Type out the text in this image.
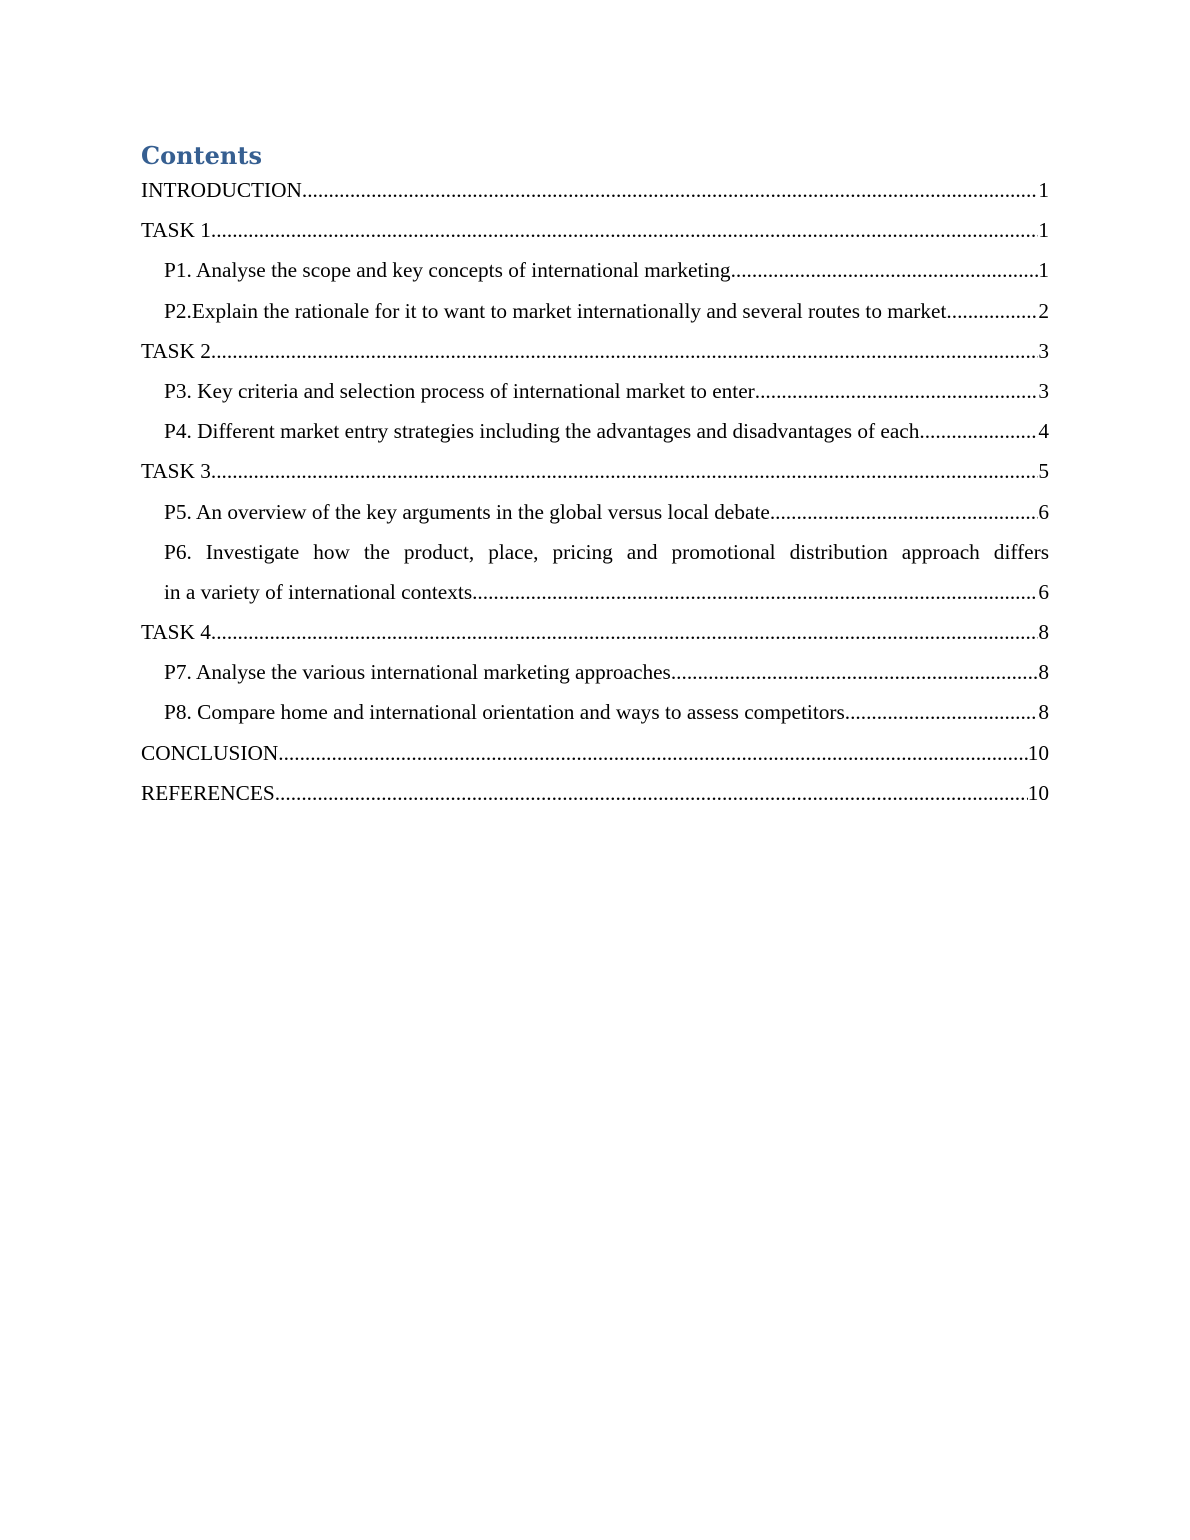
Contents
INTRODUCTION .....	1
TASK 1 .....	1
P1. Analyse the scope and key concepts of international marketing .....	1
P2.Explain the rationale for it to want to market internationally and several routes to market. .....	2
TASK 2 .....	3
P3. Key criteria and selection process of international market to enter .....	3
P4. Different market entry strategies including the advantages and disadvantages of each. .....	4
TASK 3 .....	5
P5. An overview of the key arguments in the global versus local debate .....	6
P6. Investigate how the product, place, pricing and promotional distribution approach differs
in a variety of international contexts .....	6
TASK 4 .....	8
P7. Analyse the various international marketing approaches .....	8
P8. Compare home and international orientation and ways to assess competitors .....	8
CONCLUSION .....	10
REFERENCES .....	10
